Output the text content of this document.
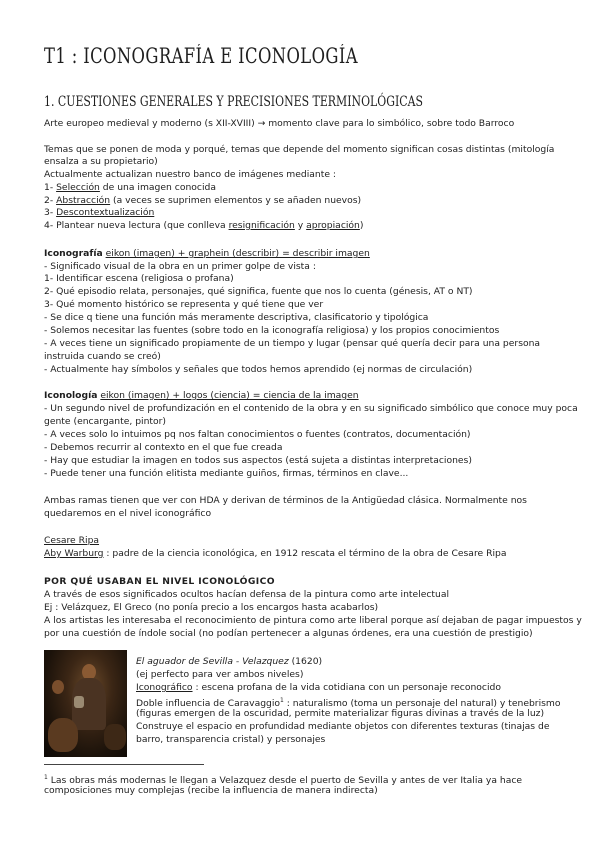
T1 : ICONOGRAFÍA E ICONOLOGÍA
1. CUESTIONES GENERALES Y PRECISIONES TERMINOLÓGICAS
Arte europeo medieval y moderno (s XII-XVIII) → momento clave para lo simbólico, sobre todo Barroco
Temas que se ponen de moda y porqué, temas que depende del momento significan cosas distintas (mitología
ensalza a su propietario)
Actualmente actualizan nuestro banco de imágenes mediante :
1- Selección de una imagen conocida
2- Abstracción (a veces se suprimen elementos y se añaden nuevos)
3- Descontextualización
4- Plantear nueva lectura (que conlleva resignificación y apropiación)
Iconografía eikon (imagen) + graphein (describir) = describir imagen
- Significado visual de la obra en un primer golpe de vista :
1- Identificar escena (religiosa o profana)
2- Qué episodio relata, personajes, qué significa, fuente que nos lo cuenta (génesis, AT o NT)
3- Qué momento histórico se representa y qué tiene que ver
- Se dice q tiene una función más meramente descriptiva, clasificatorio y tipológica
- Solemos necesitar las fuentes (sobre todo en la iconografía religiosa) y los propios conocimientos
- A veces tiene un significado propiamente de un tiempo y lugar (pensar qué quería decir para una persona
instruida cuando se creó)
- Actualmente hay símbolos y señales que todos hemos aprendido (ej normas de circulación)
Iconología eikon (imagen) + logos (ciencia) = ciencia de la imagen
- Un segundo nivel de profundización en el contenido de la obra y en su significado simbólico que conoce muy poca
gente (encargante, pintor)
- A veces solo lo intuimos pq nos faltan conocimientos o fuentes (contratos, documentación)
- Debemos recurrir al contexto en el que fue creada
- Hay que estudiar la imagen en todos sus aspectos (está sujeta a distintas interpretaciones)
- Puede tener una función elitista mediante guiños, firmas, términos en clave...
Ambas ramas tienen que ver con HDA y derivan de términos de la Antigüedad clásica. Normalmente nos
quedaremos en el nivel iconográfico
Cesare Ripa
Aby Warburg : padre de la ciencia iconológica, en 1912 rescata el término de la obra de Cesare Ripa
POR QUÉ USABAN EL NIVEL ICONOLÓGICO
A través de esos significados ocultos hacían defensa de la pintura como arte intelectual
Ej : Velázquez, El Greco (no ponía precio a los encargos hasta acabarlos)
A los artistas les interesaba el reconocimiento de pintura como arte liberal porque así dejaban de pagar impuestos y
por una cuestión de índole social (no podían pertenecer a algunas órdenes, era una cuestión de prestigio)
El aguador de Sevilla - Velazquez (1620)
(ej perfecto para ver ambos niveles)
Iconográfico : escena profana de la vida cotidiana con un personaje reconocido
Doble influencia de Caravaggio$^1$ : naturalismo (toma un personaje del natural) y tenebrismo
(figuras emergen de la oscuridad, permite materializar figuras divinas a través de la luz)
Construye el espacio en profundidad mediante objetos con diferentes texturas (tinajas de
barro, transparencia cristal) y personajes
$^1$ Las obras más modernas le llegan a Velazquez desde el puerto de Sevilla y antes de ver Italia ya hace
composiciones muy complejas (recibe la influencia de manera indirecta)
